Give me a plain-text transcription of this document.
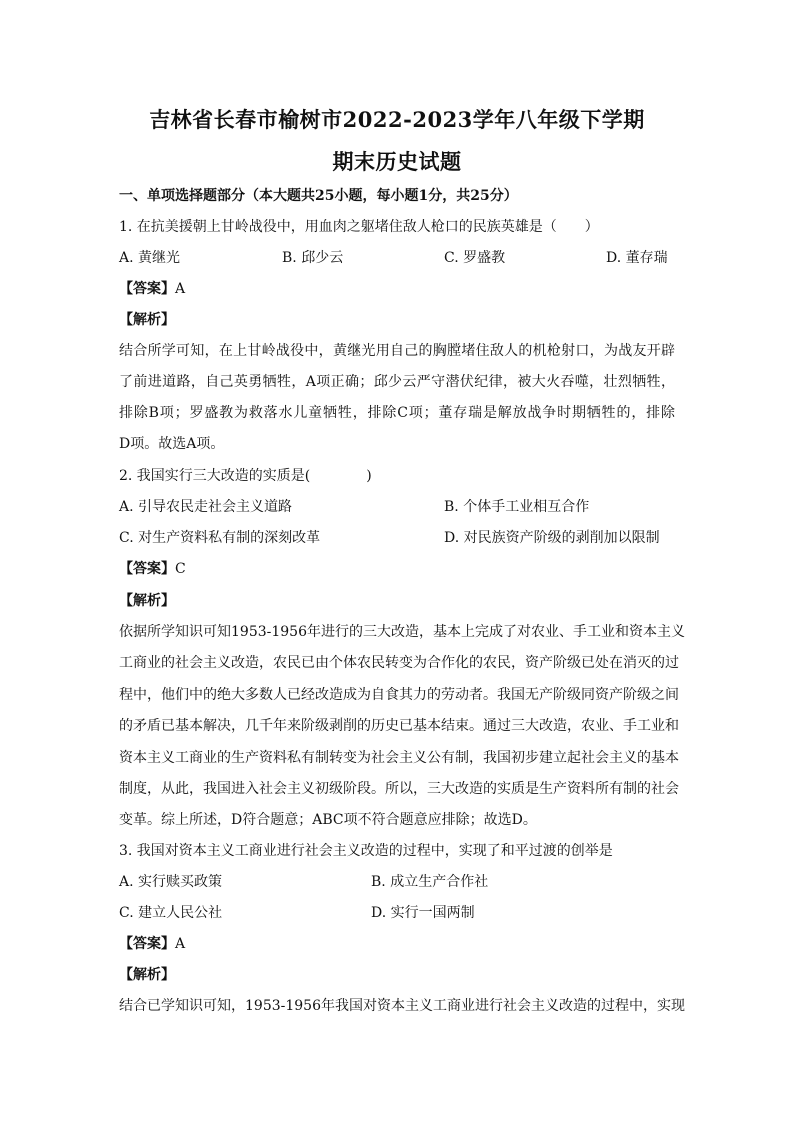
吉林省长春市榆树市2022-2023学年八年级下学期
期末历史试题
一、单项选择题部分（本大题共25小题，每小题1分，共25分）
1. 在抗美援朝上甘岭战役中，用血肉之躯堵住敌人枪口的民族英雄是（　　）
A. 黄继光	B. 邱少云	C. 罗盛教	D. 董存瑞
【答案】A
【解析】
结合所学可知，在上甘岭战役中，黄继光用自己的胸膛堵住敌人的机枪射口，为战友开辟
了前进道路，自己英勇牺牲，A项正确；邱少云严守潜伏纪律，被大火吞噬，壮烈牺牲，
排除B项；罗盛教为救落水儿童牺牲，排除C项；董存瑞是解放战争时期牺牲的，排除
D项。故选A项。
2. 我国实行三大改造的实质是(　　　　)
A. 引导农民走社会主义道路	B. 个体手工业相互合作
C. 对生产资料私有制的深刻改革	D. 对民族资产阶级的剥削加以限制
【答案】C
【解析】
依据所学知识可知1953-1956年进行的三大改造，基本上完成了对农业、手工业和资本主义
工商业的社会主义改造，农民已由个体农民转变为合作化的农民，资产阶级已处在消灭的过
程中，他们中的绝大多数人已经改造成为自食其力的劳动者。我国无产阶级同资产阶级之间
的矛盾已基本解决，几千年来阶级剥削的历史已基本结束。通过三大改造，农业、手工业和
资本主义工商业的生产资料私有制转变为社会主义公有制，我国初步建立起社会主义的基本
制度，从此，我国进入社会主义初级阶段。所以，三大改造的实质是生产资料所有制的社会
变革。综上所述，D符合题意；ABC项不符合题意应排除；故选D。
3. 我国对资本主义工商业进行社会主义改造的过程中，实现了和平过渡的创举是
A. 实行赎买政策	B. 成立生产合作社
C. 建立人民公社	D. 实行一国两制
【答案】A
【解析】
结合已学知识可知，1953-1956年我国对资本主义工商业进行社会主义改造的过程中，实现
